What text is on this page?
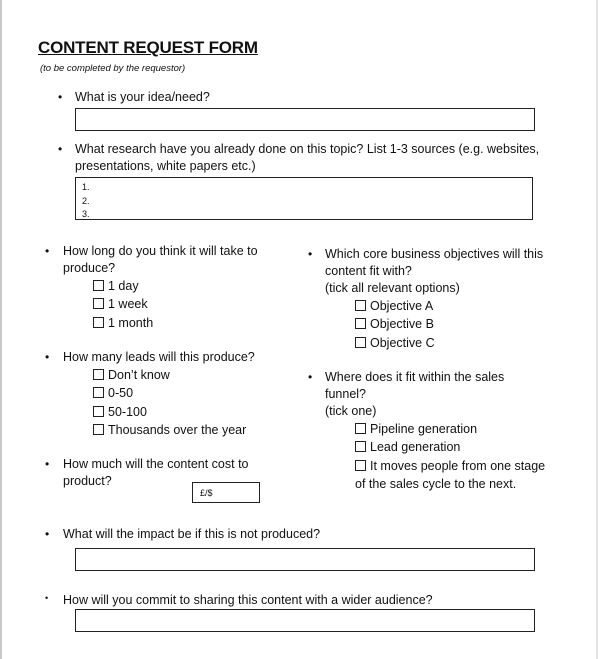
CONTENT REQUEST FORM
(to be completed by the requestor)
• What is your idea/need?
• What research have you already done on this topic? List 1-3 sources (e.g. websites, presentations, white papers etc.)
1.
2.
3.
• How long do you think it will take to produce?
1 day
1 week
1 month
• How many leads will this produce?
Don’t know
0-50
50-100
Thousands over the year
• How much will the content cost to product?
£/$
• Which core business objectives will this content fit with?
(tick all relevant options)
Objective A
Objective B
Objective C
• Where does it fit within the sales funnel?
(tick one)
Pipeline generation
Lead generation
It moves people from one stage
of the sales cycle to the next.
• What will the impact be if this is not produced?
• How will you commit to sharing this content with a wider audience?
